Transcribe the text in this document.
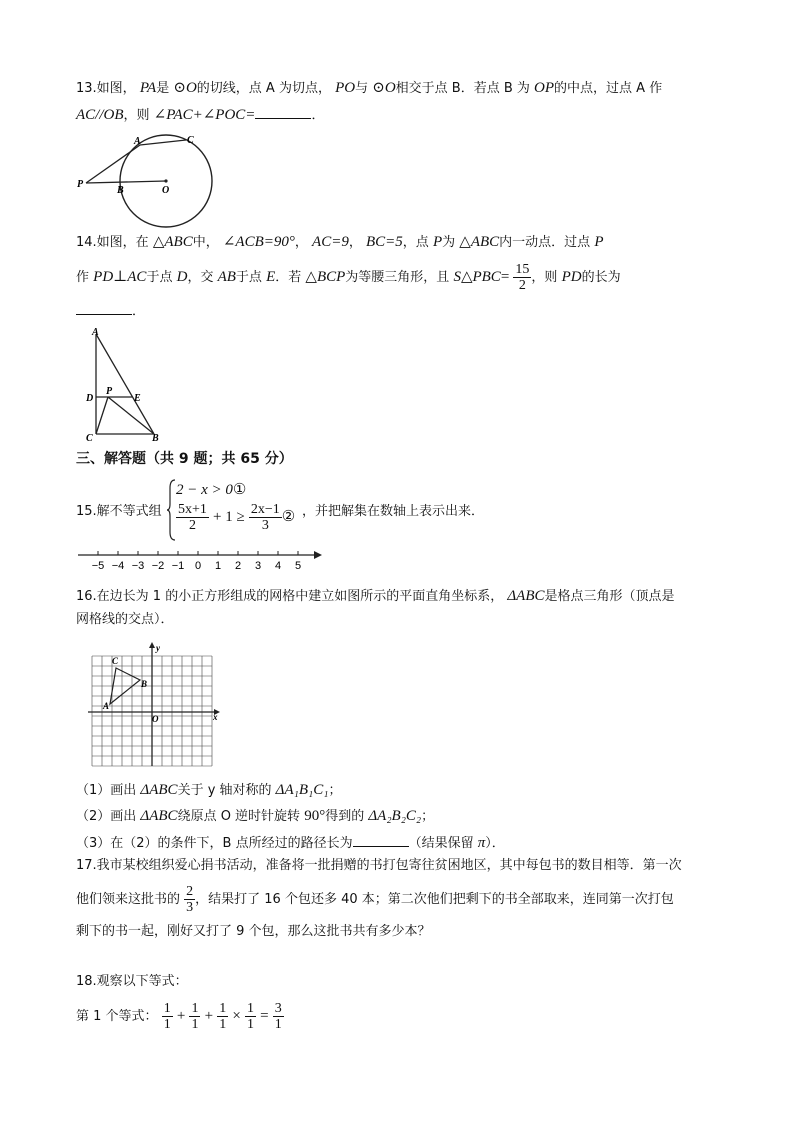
13.如图， PA是 ⊙O的切线，点 A 为切点， PO与 ⊙O相交于点 B．若点 B 为 OP的中点，过点 A 作
AC//OB，则 ∠PAC+∠POC=	．
A	C
P
B	O
14.如图，在 △ABC中， ∠ACB=90°， AC=9， BC=5，点 P为 △ABC内一动点．过点 P
作 PD⊥AC于点 D，交 AB于点 E．若 △BCP为等腰三角形，且 S△PBC= $\frac{15}{2}$ ，则 PD的长为
．
A
D
P
E
C	B
三、解答题（共 9 题；共 65 分）
15.解不等式组
2 − x > 0①
$\frac{5x+1}{2} + 1 \ge \frac{2x-1}{3}$ ② ，并把解集在数轴上表示出来．
−5 −4 −3 −2 −1 0 1 2 3 4 5
16.在边长为 1 的小正方形组成的网格中建立如图所示的平面直角坐标系， ΔABC是格点三角形（顶点是
网格线的交点）．
C
B
A
O	x
y
（1）画出 ΔABC关于 y 轴对称的 ΔA₁B₁C₁；
（2）画出 ΔABC绕原点 O 逆时针旋转 90°得到的 ΔA₂B₂C₂；
（3）在（2）的条件下，B 点所经过的路径长为	（结果保留 π）．
17.我市某校组织爱心捐书活动，准备将一批捐赠的书打包寄往贫困地区，其中每包书的数目相等．第一次
他们领来这批书的 $\frac{2}{3}$ ，结果打了 16 个包还多 40 本；第二次他们把剩下的书全部取来，连同第一次打包
剩下的书一起，刚好又打了 9 个包，那么这批书共有多少本？
18.观察以下等式：
第 1 个等式： $\frac{1}{1} + \frac{1}{1} + \frac{1}{1} \times \frac{1}{1} = \frac{3}{1}$
